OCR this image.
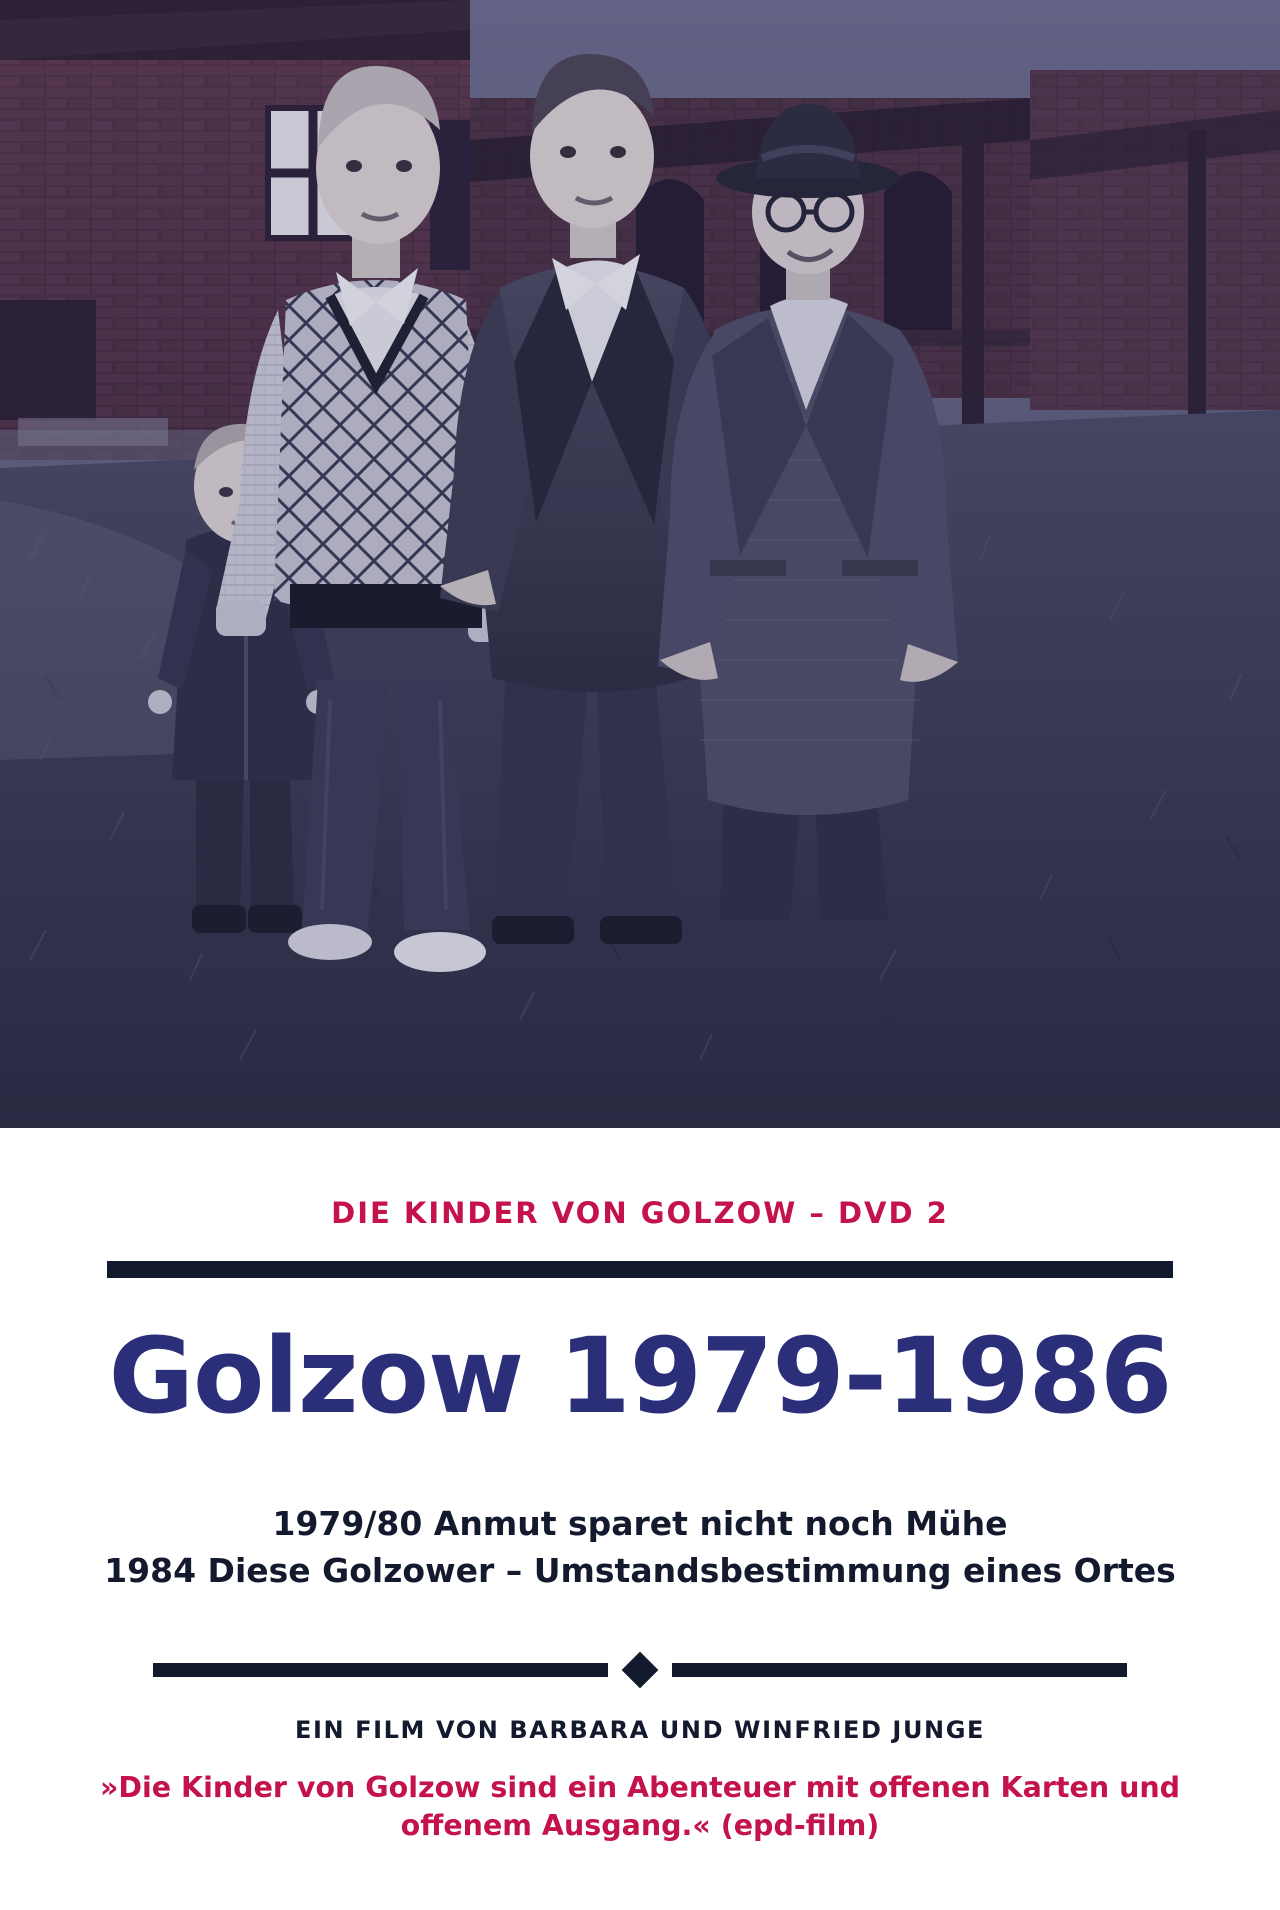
DIE KINDER VON GOLZOW – DVD 2
Golzow 1979-1986
1979/80 Anmut sparet nicht noch Mühe
1984 Diese Golzower – Umstandsbestimmung eines Ortes
EIN FILM VON BARBARA UND WINFRIED JUNGE
»Die Kinder von Golzow sind ein Abenteuer mit offenen Karten und offenem Ausgang.« (epd-film)
